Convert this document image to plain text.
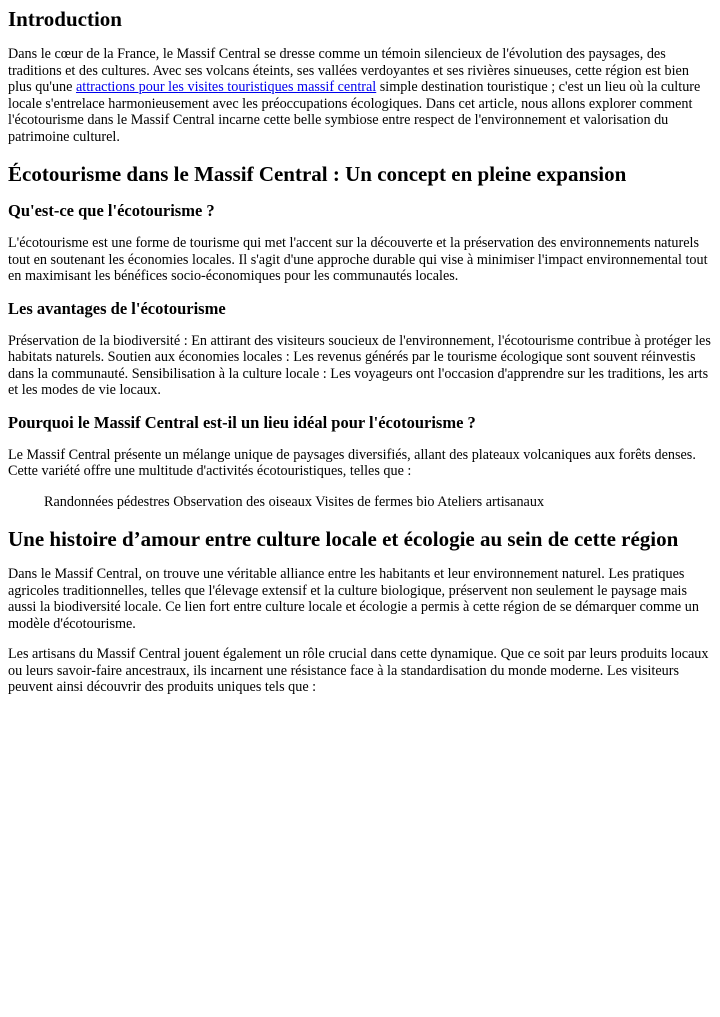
Introduction

Dans le cœur de la France, le Massif Central se dresse comme un témoin silencieux de l'évolution des paysages, des traditions et des cultures. Avec ses volcans éteints, ses vallées verdoyantes et ses rivières sinueuses, cette région est bien plus qu'une attractions pour les visites touristiques massif central simple destination touristique ; c'est un lieu où la culture locale s'entrelace harmonieusement avec les préoccupations écologiques. Dans cet article, nous allons explorer comment l'écotourisme dans le Massif Central incarne cette belle symbiose entre respect de l'environnement et valorisation du patrimoine culturel.

Écotourisme dans le Massif Central : Un concept en pleine expansion
Qu'est-ce que l'écotourisme ?

L'écotourisme est une forme de tourisme qui met l'accent sur la découverte et la préservation des environnements naturels tout en soutenant les économies locales. Il s'agit d'une approche durable qui vise à minimiser l'impact environnemental tout en maximisant les bénéfices socio-économiques pour les communautés locales.

Les avantages de l'écotourisme

Préservation de la biodiversité : En attirant des visiteurs soucieux de l'environnement, l'écotourisme contribue à protéger les habitats naturels. Soutien aux économies locales : Les revenus générés par le tourisme écologique sont souvent réinvestis dans la communauté. Sensibilisation à la culture locale : Les voyageurs ont l'occasion d'apprendre sur les traditions, les arts et les modes de vie locaux.

Pourquoi le Massif Central est-il un lieu idéal pour l'écotourisme ?

Le Massif Central présente un mélange unique de paysages diversifiés, allant des plateaux volcaniques aux forêts denses. Cette variété offre une multitude d'activités écotouristiques, telles que :

Randonnées pédestres Observation des oiseaux Visites de fermes bio Ateliers artisanaux

Une histoire d’amour entre culture locale et écologie au sein de cette région

Dans le Massif Central, on trouve une véritable alliance entre les habitants et leur environnement naturel. Les pratiques agricoles traditionnelles, telles que l'élevage extensif et la culture biologique, préservent non seulement le paysage mais aussi la biodiversité locale. Ce lien fort entre culture locale et écologie a permis à cette région de se démarquer comme un modèle d'écotourisme.

Les artisans du Massif Central jouent également un rôle crucial dans cette dynamique. Que ce soit par leurs produits locaux ou leurs savoir-faire ancestraux, ils incarnent une résistance face à la standardisation du monde moderne. Les visiteurs peuvent ainsi découvrir des produits uniques tels que :
